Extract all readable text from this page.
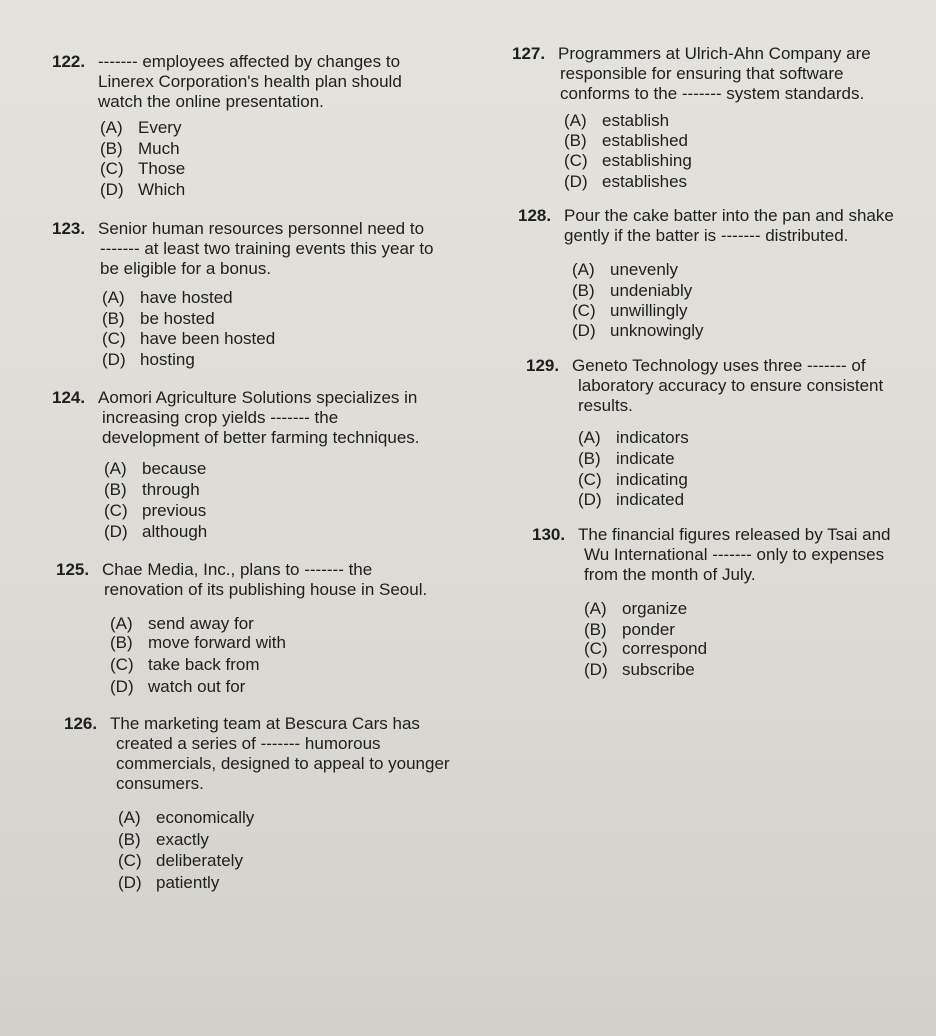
122. ------- employees affected by changes to
Linerex Corporation's health plan should
watch the online presentation.
(A) Every
(B) Much
(C) Those
(D) Which
123. Senior human resources personnel need to
------- at least two training events this year to
be eligible for a bonus.
(A) have hosted
(B) be hosted
(C) have been hosted
(D) hosting
124. Aomori Agriculture Solutions specializes in
increasing crop yields ------- the
development of better farming techniques.
(A) because
(B) through
(C) previous
(D) although
125. Chae Media, Inc., plans to ------- the
renovation of its publishing house in Seoul.
(A) send away for
(B) move forward with
(C) take back from
(D) watch out for
126. The marketing team at Bescura Cars has
created a series of ------- humorous
commercials, designed to appeal to younger
consumers.
(A) economically
(B) exactly
(C) deliberately
(D) patiently
127. Programmers at Ulrich-Ahn Company are
responsible for ensuring that software
conforms to the ------- system standards.
(A) establish
(B) established
(C) establishing
(D) establishes
128. Pour the cake batter into the pan and shake
gently if the batter is ------- distributed.
(A) unevenly
(B) undeniably
(C) unwillingly
(D) unknowingly
129. Geneto Technology uses three ------- of
laboratory accuracy to ensure consistent
results.
(A) indicators
(B) indicate
(C) indicating
(D) indicated
130. The financial figures released by Tsai and
Wu International ------- only to expenses
from the month of July.
(A) organize
(B) ponder
(C) correspond
(D) subscribe
